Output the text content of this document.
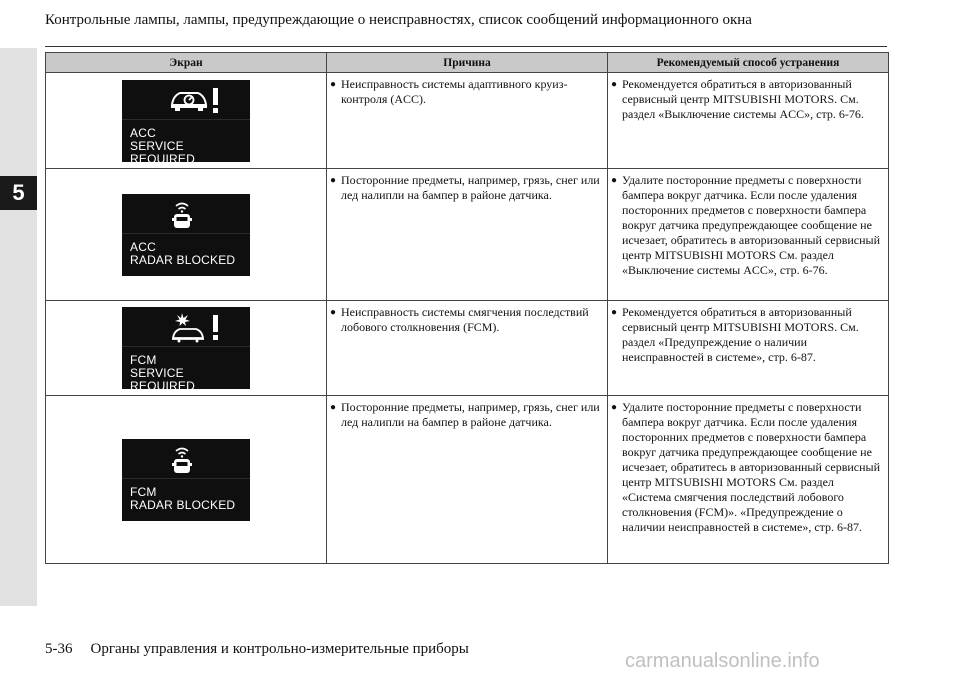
5
Контрольные лампы, лампы, предупреждающие о неисправностях, список сообщений информационного окна
Экран	Причина	Рекомендуемый способ устранения

ACC
SERVICE REQUIRED	● Неисправность системы адаптивного круиз-контроля (ACC).	● Рекомендуется обратиться в авторизованный сервисный центр MITSUBISHI MOTORS. См. раздел «Выключение системы ACC», стр. 6-76.

ACC
RADAR BLOCKED	● Посторонние предметы, например, грязь, снег или лед налипли на бампер в районе датчика.	● Удалите посторонние предметы с поверхности бампера вокруг датчика. Если после удаления посторонних предметов с поверхности бампера вокруг датчика предупреждающее сообщение не исчезает, обратитесь в авторизованный сервисный центр MITSUBISHI MOTORS См. раздел «Выключение системы ACC», стр. 6-76.

FCM
SERVICE REQUIRED	● Неисправность системы смягчения последствий лобового столкновения (FCM).	● Рекомендуется обратиться в авторизованный сервисный центр MITSUBISHI MOTORS. См. раздел «Предупреждение о наличии неисправностей в системе», стр. 6-87.

FCM
RADAR BLOCKED	● Посторонние предметы, например, грязь, снег или лед налипли на бампер в районе датчика.	● Удалите посторонние предметы с поверхности бампера вокруг датчика. Если после удаления посторонних предметов с поверхности бампера вокруг датчика предупреждающее сообщение не исчезает, обратитесь в авторизованный сервисный центр MITSUBISHI MOTORS См. раздел «Система смягчения последствий лобового столкновения (FCM)». «Предупреждение о наличии неисправностей в системе», стр. 6-87.
5-36 Органы управления и контрольно-измерительные приборы
carmanualsonline.info
